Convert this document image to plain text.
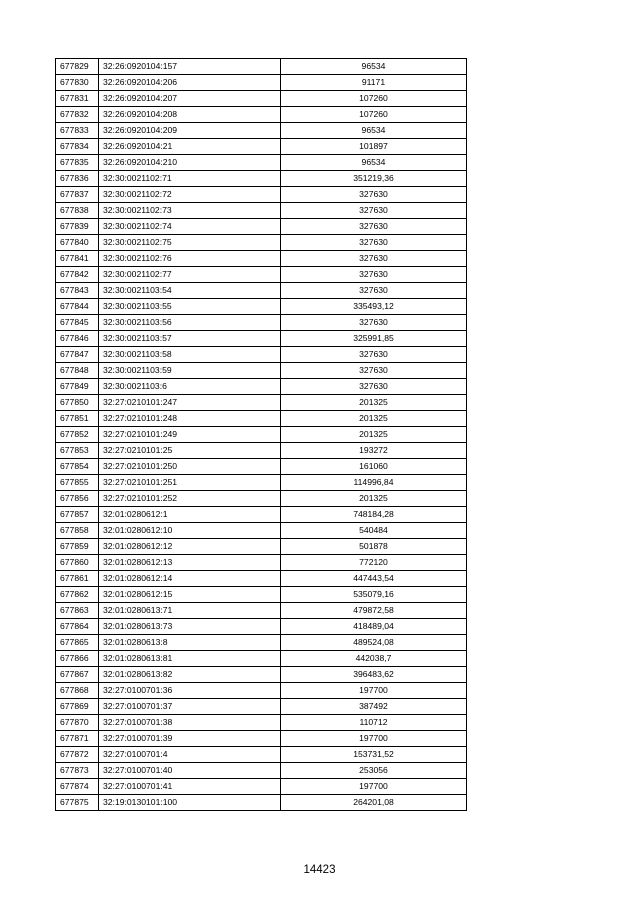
677829	32:26:0920104:157	96534
677830	32:26:0920104:206	91171
677831	32:26:0920104:207	107260
677832	32:26:0920104:208	107260
677833	32:26:0920104:209	96534
677834	32:26:0920104:21	101897
677835	32:26:0920104:210	96534
677836	32:30:0021102:71	351219,36
677837	32:30:0021102:72	327630
677838	32:30:0021102:73	327630
677839	32:30:0021102:74	327630
677840	32:30:0021102:75	327630
677841	32:30:0021102:76	327630
677842	32:30:0021102:77	327630
677843	32:30:0021103:54	327630
677844	32:30:0021103:55	335493,12
677845	32:30:0021103:56	327630
677846	32:30:0021103:57	325991,85
677847	32:30:0021103:58	327630
677848	32:30:0021103:59	327630
677849	32:30:0021103:6	327630
677850	32:27:0210101:247	201325
677851	32:27:0210101:248	201325
677852	32:27:0210101:249	201325
677853	32:27:0210101:25	193272
677854	32:27:0210101:250	161060
677855	32:27:0210101:251	114996,84
677856	32:27:0210101:252	201325
677857	32:01:0280612:1	748184,28
677858	32:01:0280612:10	540484
677859	32:01:0280612:12	501878
677860	32:01:0280612:13	772120
677861	32:01:0280612:14	447443,54
677862	32:01:0280612:15	535079,16
677863	32:01:0280613:71	479872,58
677864	32:01:0280613:73	418489,04
677865	32:01:0280613:8	489524,08
677866	32:01:0280613:81	442038,7
677867	32:01:0280613:82	396483,62
677868	32:27:0100701:36	197700
677869	32:27:0100701:37	387492
677870	32:27:0100701:38	110712
677871	32:27:0100701:39	197700
677872	32:27:0100701:4	153731,52
677873	32:27:0100701:40	253056
677874	32:27:0100701:41	197700
677875	32:19:0130101:100	264201,08
14423
